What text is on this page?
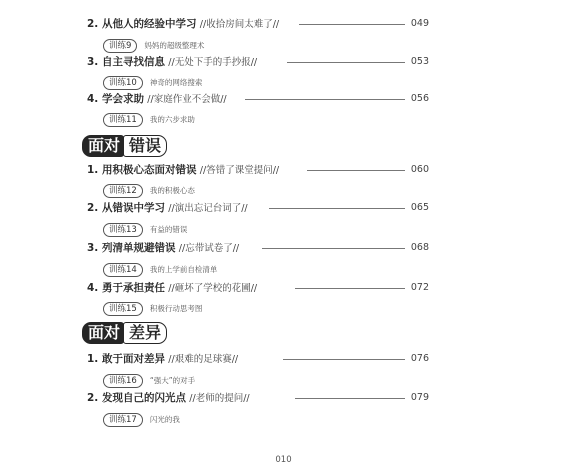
面对 错误
面对 差异
2. 从他人的经验中学习 //收拾房间太难了//	049
3. 自主寻找信息 //无处下手的手抄报//	053
4. 学会求助 //家庭作业不会做//	056
1. 用积极心态面对错误 //答错了课堂提问//	060
2. 从错误中学习 //演出忘记台词了//	065
3. 列清单规避错误 //忘带试卷了//	068
4. 勇于承担责任 //砸坏了学校的花圃//	072
1. 敢于面对差异 //艰难的足球赛//	076
2. 发现自己的闪光点 //老师的提问//	079
训练9 妈妈的超级整理术
训练10 神奇的网络搜索
训练11 我的六步求助
训练12 我的积极心态
训练13 有益的错误
训练14 我的上学前自检清单
训练15 积极行动思考图
训练16 “强大”的对手
训练17 闪光的我
010
